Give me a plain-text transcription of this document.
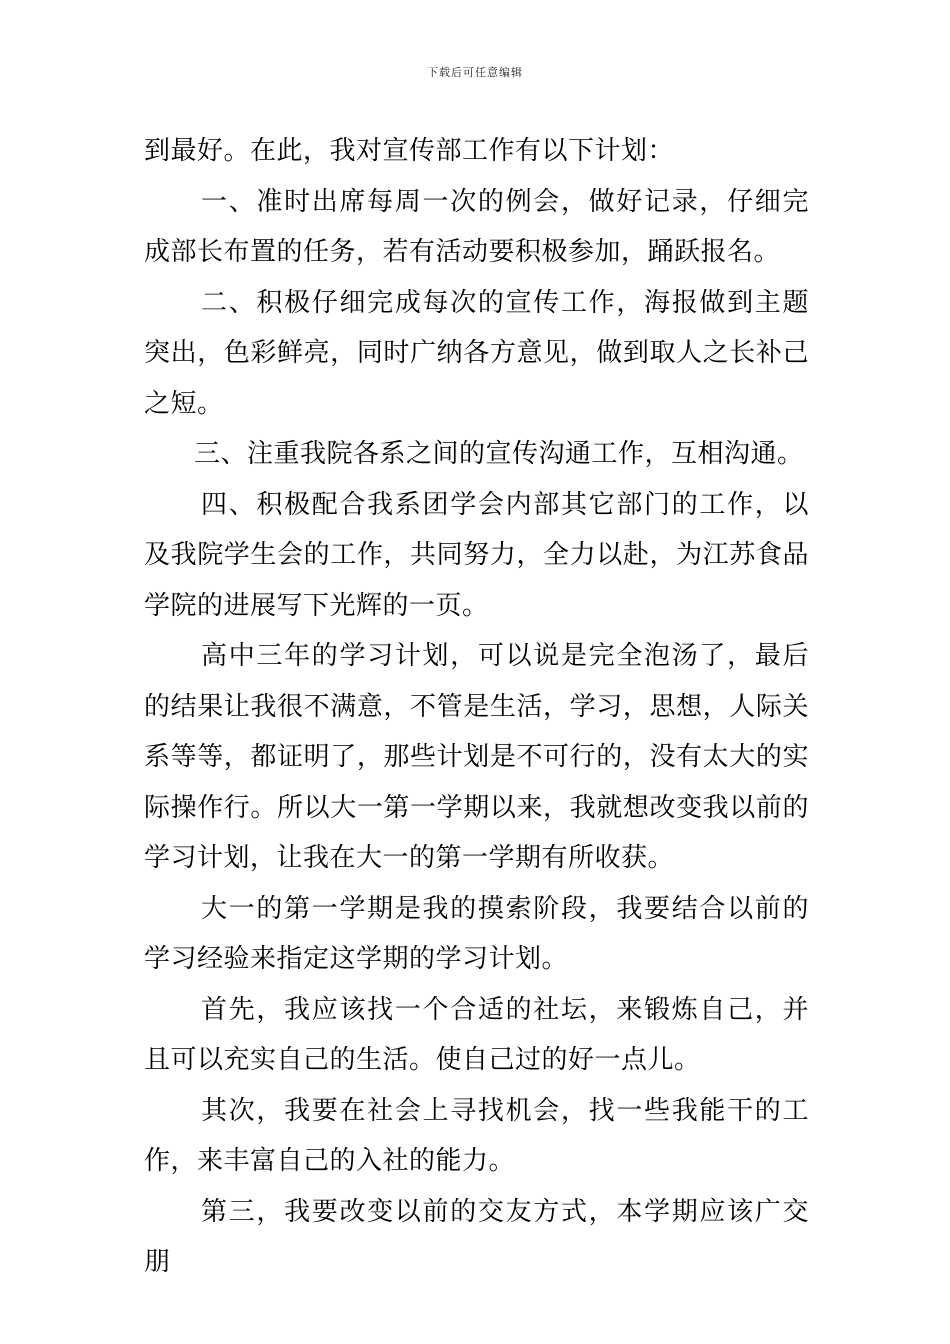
下载后可任意编辑

到最好。在此，我对宣传部工作有以下计划：

一、准时出席每周一次的例会，做好记录，仔细完成部长布置的任务，若有活动要积极参加，踊跃报名。

二、积极仔细完成每次的宣传工作，海报做到主题突出，色彩鲜亮，同时广纳各方意见，做到取人之长补己之短。

三、注重我院各系之间的宣传沟通工作，互相沟通。

四、积极配合我系团学会内部其它部门的工作，以及我院学生会的工作，共同努力，全力以赴，为江苏食品学院的进展写下光辉的一页。

高中三年的学习计划，可以说是完全泡汤了，最后的结果让我很不满意，不管是生活，学习，思想，人际关系等等，都证明了，那些计划是不可行的，没有太大的实际操作行。所以大一第一学期以来，我就想改变我以前的学习计划，让我在大一的第一学期有所收获。

大一的第一学期是我的摸索阶段，我要结合以前的学习经验来指定这学期的学习计划。

首先，我应该找一个合适的社坛，来锻炼自己，并且可以充实自己的生活。使自己过的好一点儿。

其次，我要在社会上寻找机会，找一些我能干的工作，来丰富自己的入社的能力。

第三，我要改变以前的交友方式，本学期应该广交朋
